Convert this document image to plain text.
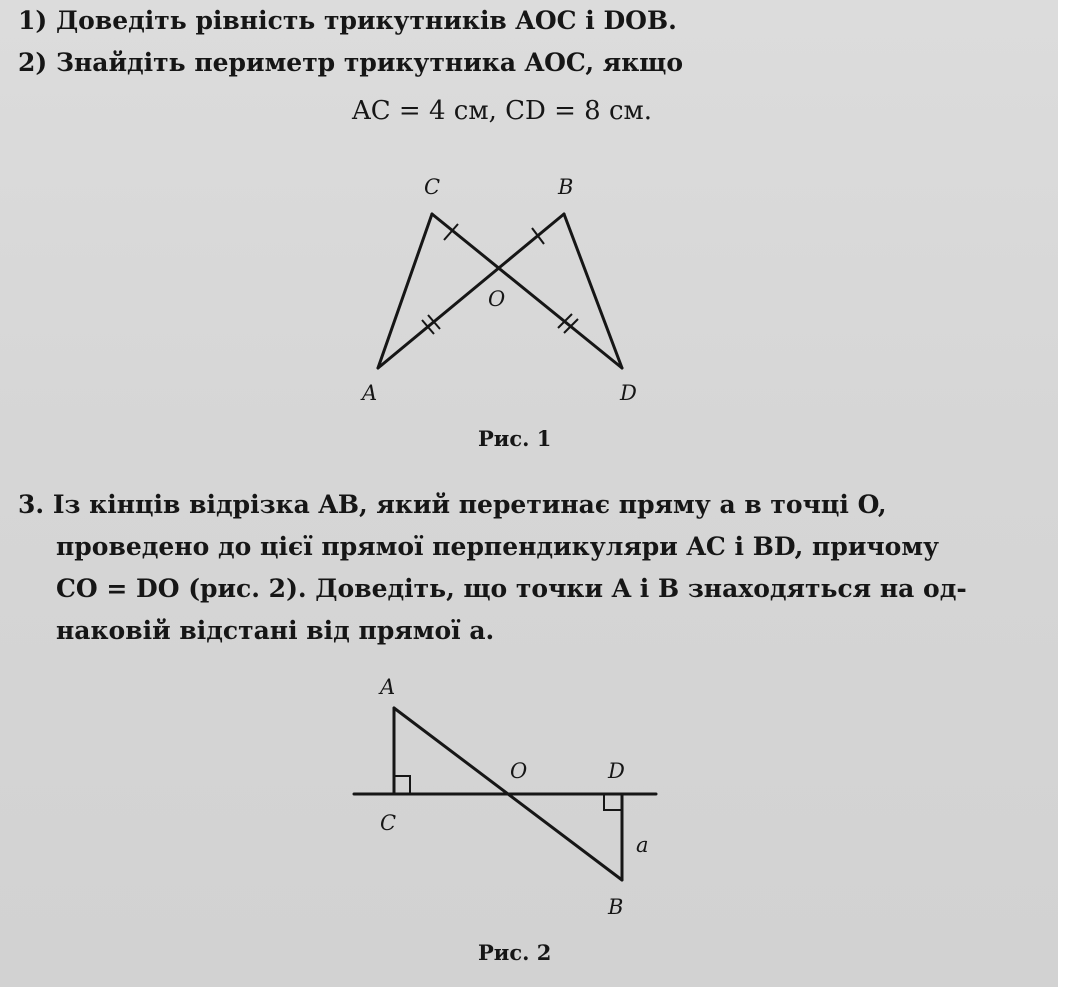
1) Доведіть рівність трикутників AOC і DOB.
2) Знайдіть периметр трикутника AOC, якщо
AC = 4 см, CD = 8 см.
C	B
O
A	D
Рис. 1
3. Із кінців відрізка AB, який перетинає пряму a в точці O,
проведено до цієї прямої перпендикуляри AC і BD, причому
CO = DO (рис. 2). Доведіть, що точки A і B знаходяться на од-
наковій відстані від прямої a.
A
C
O	D
a
B
Рис. 2
